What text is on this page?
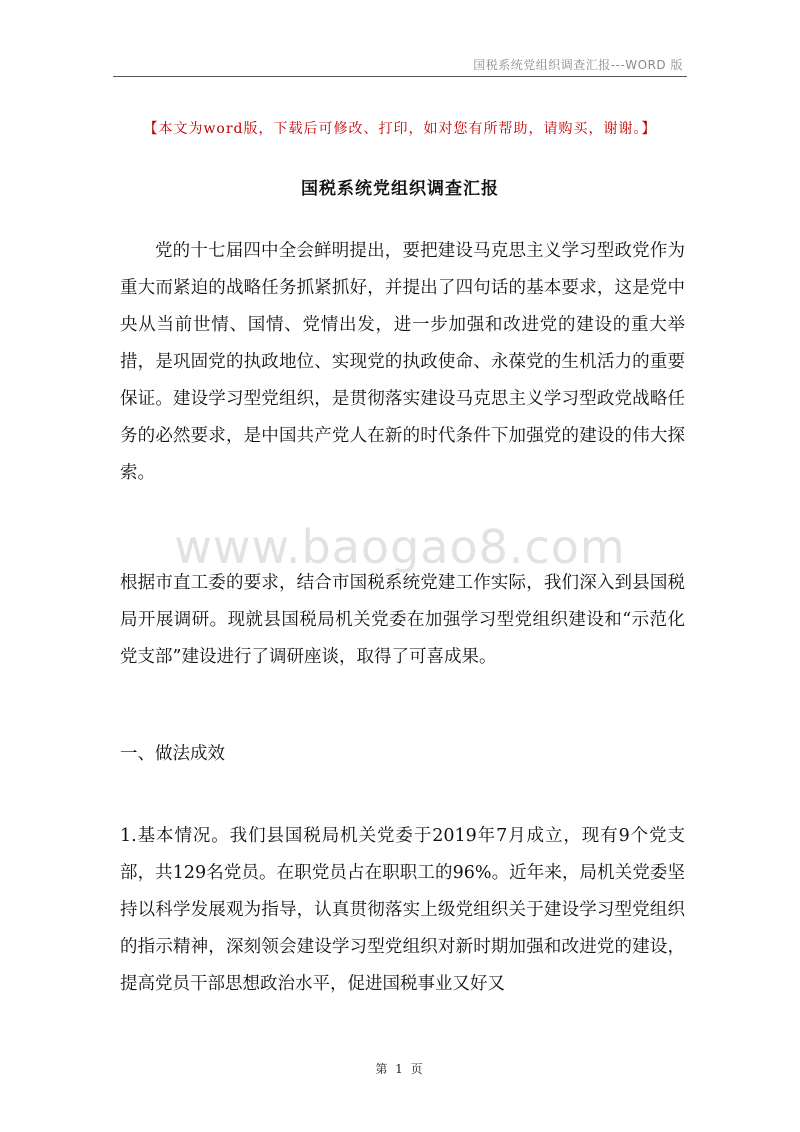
国税系统党组织调查汇报---WORD 版
【本文为word版，下载后可修改、打印，如对您有所帮助，请购买，谢谢。】
国税系统党组织调查汇报

党的十七届四中全会鲜明提出，要把建设马克思主义学习型政党作为重大而紧迫的战略任务抓紧抓好，并提出了四句话的基本要求，这是党中央从当前世情、国情、党情出发，进一步加强和改进党的建设的重大举措，是巩固党的执政地位、实现党的执政使命、永葆党的生机活力的重要保证。建设学习型党组织，是贯彻落实建设马克思主义学习型政党战略任务的必然要求，是中国共产党人在新的时代条件下加强党的建设的伟大探索。

www.baogao8.com

根据市直工委的要求，结合市国税系统党建工作实际，我们深入到县国税局开展调研。现就县国税局机关党委在加强学习型党组织建设和“示范化党支部”建设进行了调研座谈，取得了可喜成果。

一、做法成效

1.基本情况。我们县国税局机关党委于2019年7月成立，现有9个党支部，共129名党员。在职党员占在职职工的96%。近年来，局机关党委坚持以科学发展观为指导，认真贯彻落实上级党组织关于建设学习型党组织的指示精神，深刻领会建设学习型党组织对新时期加强和改进党的建设，提高党员干部思想政治水平，促进国税事业又好又

第 1 页
